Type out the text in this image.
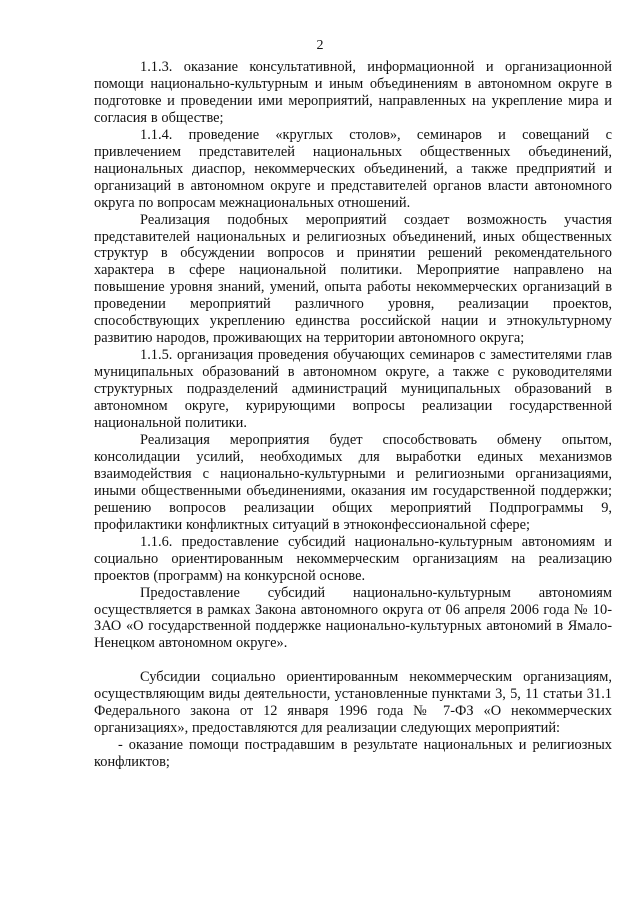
2

1.1.3. оказание консультативной, информационной и организационной помощи национально-культурным и иным объединениям в автономном округе в подготовке и проведении ими мероприятий, направленных на укрепление мира и согласия в обществе;

1.1.4. проведение «круглых столов», семинаров и совещаний с привлечением представителей национальных общественных объединений, национальных диаспор, некоммерческих объединений, а также предприятий и организаций в автономном округе и представителей органов власти автономного округа по вопросам межнациональных отношений.

Реализация подобных мероприятий создает возможность участия представителей национальных и религиозных объединений, иных общественных структур в обсуждении вопросов и принятии решений рекомендательного характера в сфере национальной политики. Мероприятие направлено на повышение уровня знаний, умений, опыта работы некоммерческих организаций в проведении мероприятий различного уровня, реализации проектов, способствующих укреплению единства российской нации и этнокультурному развитию народов, проживающих на территории автономного округа;

1.1.5. организация проведения обучающих семинаров с заместителями глав муниципальных образований в автономном округе, а также с руководителями структурных подразделений администраций муниципальных образований в автономном округе, курирующими вопросы реализации государственной национальной политики.

Реализация мероприятия будет способствовать обмену опытом, консолидации усилий, необходимых для выработки единых механизмов взаимодействия с национально-культурными и религиозными организациями, иными общественными объединениями, оказания им государственной поддержки; решению вопросов реализации общих мероприятий Подпрограммы 9, профилактики конфликтных ситуаций в этноконфессиональной сфере;

1.1.6. предоставление субсидий национально-культурным автономиям и социально ориентированным некоммерческим организациям на реализацию проектов (программ) на конкурсной основе.

Предоставление субсидий национально-культурным автономиям осуществляется в рамках Закона автономного округа от 06 апреля 2006 года № 10-ЗАО «О государственной поддержке национально-культурных автономий в Ямало-Ненецком автономном округе».

Субсидии социально ориентированным некоммерческим организациям, осуществляющим виды деятельности, установленные пунктами 3, 5, 11 статьи 31.1 Федерального закона от 12 января 1996 года № 7-ФЗ «О некоммерческих организациях», предоставляются для реализации следующих мероприятий:

- оказание помощи пострадавшим в результате национальных и религиозных конфликтов;
